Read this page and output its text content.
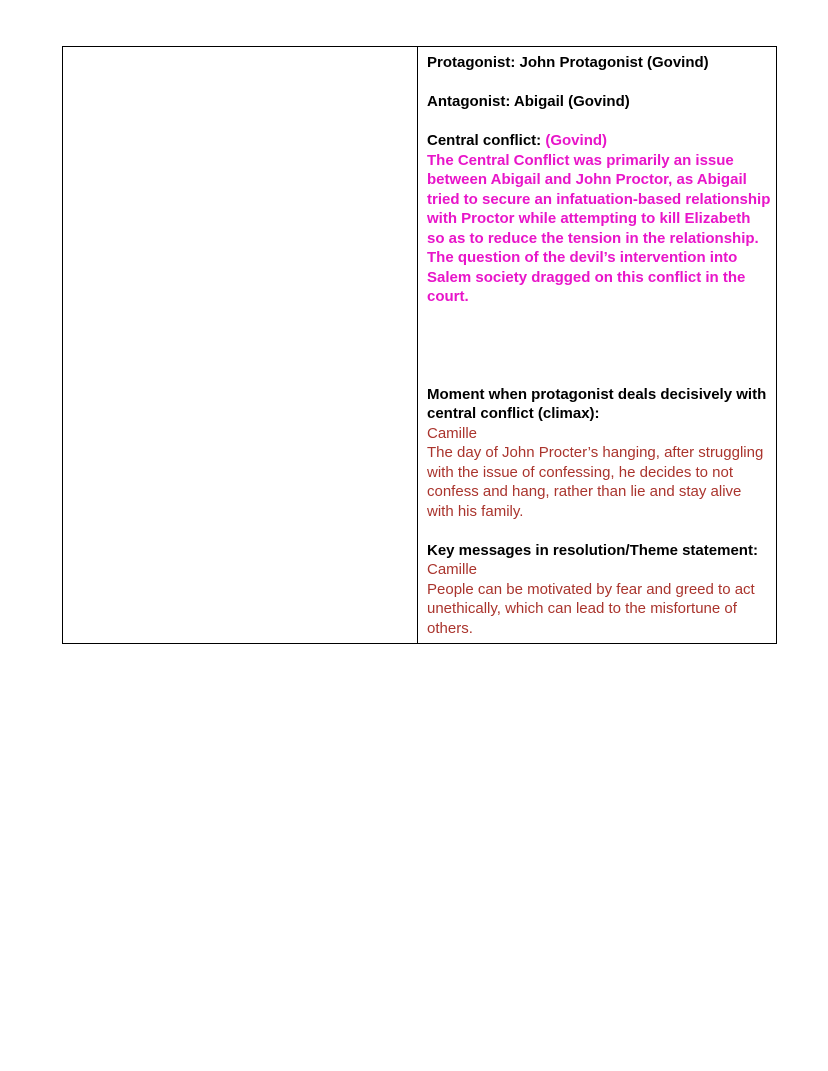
Protagonist: John Protagonist (Govind)
Antagonist: Abigail (Govind)
Central conflict: (Govind)
The Central Conflict was primarily an issue between Abigail and John Proctor, as Abigail tried to secure an infatuation-based relationship with Proctor while attempting to kill Elizabeth so as to reduce the tension in the relationship. The question of the devil’s intervention into Salem society dragged on this conflict in the court.
Moment when protagonist deals decisively with central conflict (climax):
Camille
The day of John Procter’s hanging, after struggling with the issue of confessing, he decides to not confess and hang, rather than lie and stay alive with his family.
Key messages in resolution/Theme statement:
Camille
People can be motivated by fear and greed to act unethically, which can lead to the misfortune of others.
